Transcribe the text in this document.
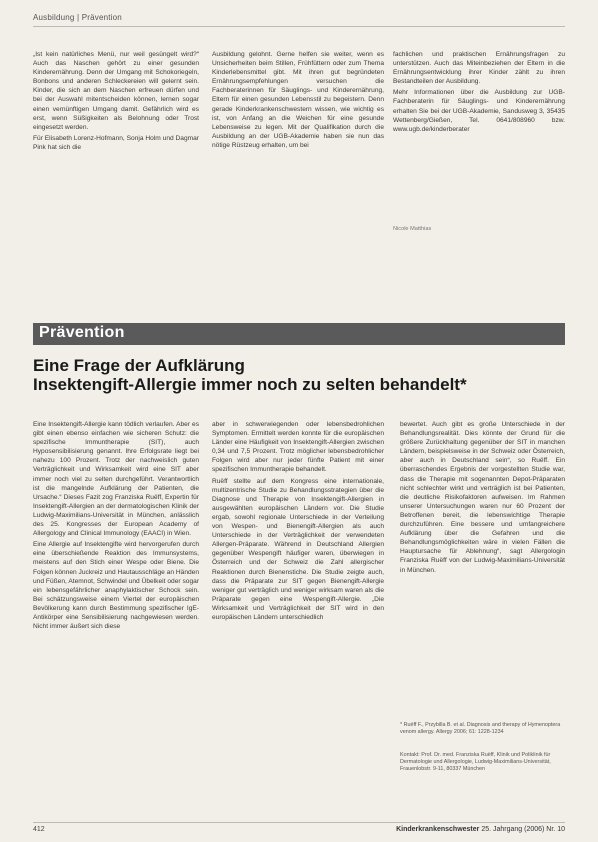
Ausbildung | Prävention

„Ist kein natürliches Menü, nur weil gesüngelt wird?“ Auch das Naschen gehört zu einer gesunden Kinderernährung. Denn der Umgang mit Schokoriegeln, Bonbons und anderen Schleckereien will gelernt sein. Kinder, die sich an dem Naschen erfreuen dürfen und bei der Auswahl mitentscheiden können, lernen sogar einen vernünftigen Umgang damit. Gefährlich wird es erst, wenn Süßigkeiten als Belohnung oder Trost eingesetzt werden.

Für Elisabeth Lorenz-Hofmann, Sonja Holm und Dagmar Pink hat sich die

Ausbildung gelohnt. Gerne helfen sie weiter, wenn es Unsicherheiten beim Stillen, Frühfüttern oder zum Thema Kinderlebensmittel gibt. Mit ihren gut begründeten Ernährungsempfehlungen versuchen die Fachberaterinnen für Säuglings- und Kinderernährung, Eltern für einen gesunden Lebensstil zu begeistern. Denn gerade Kinderkrankenschwestern wissen, wie wichtig es ist, von Anfang an die Weichen für eine gesunde Lebensweise zu legen. Mit der Qualifikation durch die Ausbildung an der UGB-Akademie haben sie nun das nötige Rüstzeug erhalten, um bei

fachlichen und praktischen Ernährungsfragen zu unterstützen. Auch das Miteinbeziehen der Eltern in die Ernährungsentwicklung ihrer Kinder zählt zu ihren Bestandteilen der Ausbildung.

Mehr Informationen über die Ausbildung zur UGB-Fachberaterin für Säuglings- und Kinderernährung erhalten Sie bei der UGB-Akademie, Sandusweg 3, 35435 Wettenberg/Gießen, Tel. 0641/808960 bzw. www.ugb.de/kinderberater

Nicole Matthias
Prävention
Eine Frage der Aufklärung
Insektengift-Allergie immer noch zu selten behandelt*

Eine Insektengift-Allergie kann tödlich verlaufen. Aber es gibt einen ebenso einfachen wie sicheren Schutz: die spezifische Immuntherapie (SIT), auch Hyposensibilisierung genannt. Ihre Erfolgsrate liegt bei nahezu 100 Prozent. Trotz der nachweislich guten Verträglichkeit und Wirksamkeit wird eine SIT aber immer noch viel zu selten durchgeführt. Verantwortlich ist die mangelnde Aufklärung der Patienten, die Ursache.“ Dieses Fazit zog Franziska Ruëff, Expertin für Insektengift-Allergien an der dermatologischen Klinik der Ludwig-Maximilians-Universität in München, anlässlich des 25. Kongresses der European Academy of Allergology and Clinical Immunology (EAACI) in Wien.

Eine Allergie auf Insektengifte wird hervorgerufen durch eine überschießende Reaktion des Immunsystems, meistens auf den Stich einer Wespe oder Biene. Die Folgen können Juckreiz und Hautausschläge an Händen und Füßen, Atemnot, Schwindel und Übelkeit oder sogar ein lebensgefährlicher anaphylaktischer Schock sein. Bei schätzungsweise einem Viertel der europäischen Bevölkerung kann durch Bestimmung spezifischer IgE-Antikörper eine Sensibilisierung nachgewiesen werden. Nicht immer äußert sich diese

aber in schwerwiegenden oder lebensbedrohlichen Symptomen. Ermittelt werden konnte für die europäischen Länder eine Häufigkeit von Insektengift-Allergien zwischen 0,34 und 7,5 Prozent. Trotz möglicher lebensbedrohlicher Folgen wird aber nur jeder fünfte Patient mit einer spezifischen Immuntherapie behandelt.

Ruëff stellte auf dem Kongress eine internationale, multizentrische Studie zu Behandlungsstrategien über die Diagnose und Therapie von Insektengift-Allergien in ausgewählten europäischen Ländern vor. Die Studie ergab, sowohl regionale Unterschiede in der Verteilung von Wespen- und Bienengift-Allergien als auch Unterschiede in der Verträglichkeit der verwendeten Allergen-Präparate. Während in Deutschland Allergien gegenüber Wespengift häufiger waren, überwiegen in Österreich und der Schweiz die Zahl allergischer Reaktionen durch Bienenstiche. Die Studie zeigte auch, dass die Präparate zur SIT gegen Bienengift-Allergie weniger gut verträglich und weniger wirksam waren als die Präparate gegen eine Wespengift-Allergie. „Die Wirksamkeit und Verträglichkeit der SIT wird in den europäischen Ländern unterschiedlich

bewertet. Auch gibt es große Unterschiede in der Behandlungsrealität. Dies könnte der Grund für die größere Zurückhaltung gegenüber der SIT in manchen Ländern, beispielsweise in der Schweiz oder Österreich, aber auch in Deutschland sein“, so Ruëff. Ein überraschendes Ergebnis der vorgestellten Studie war, dass die Therapie mit sogenannten Depot-Präparaten nicht schlechter wirkt und verträglich ist bei Patienten, die deutliche Risikofaktoren aufweisen. Im Rahmen unserer Untersuchungen waren nur 60 Prozent der Betroffenen bereit, die lebenswichtige Therapie durchzuführen. Eine bessere und umfangreichere Aufklärung über die Gefahren und die Behandlungsmöglichkeiten wäre in vielen Fällen die Hauptursache für Ablehnung“, sagt Allergologin Franziska Ruëff von der Ludwig-Maximilians-Universität in München.

* Ruëff F., Przybilla B. et al. Diagnosis and therapy of Hymenoptera venom allergy. Allergy 2006; 61: 1228-1234
Kontakt: Prof. Dr. med. Franziska Ruëff, Klinik und Poliklinik für Dermatologie und Allergologie, Ludwig-Maximilians-Universität, Frauenlobstr. 9-11, 80337 München
412	Kinderkrankenschwester 25. Jahrgang (2006) Nr. 10
